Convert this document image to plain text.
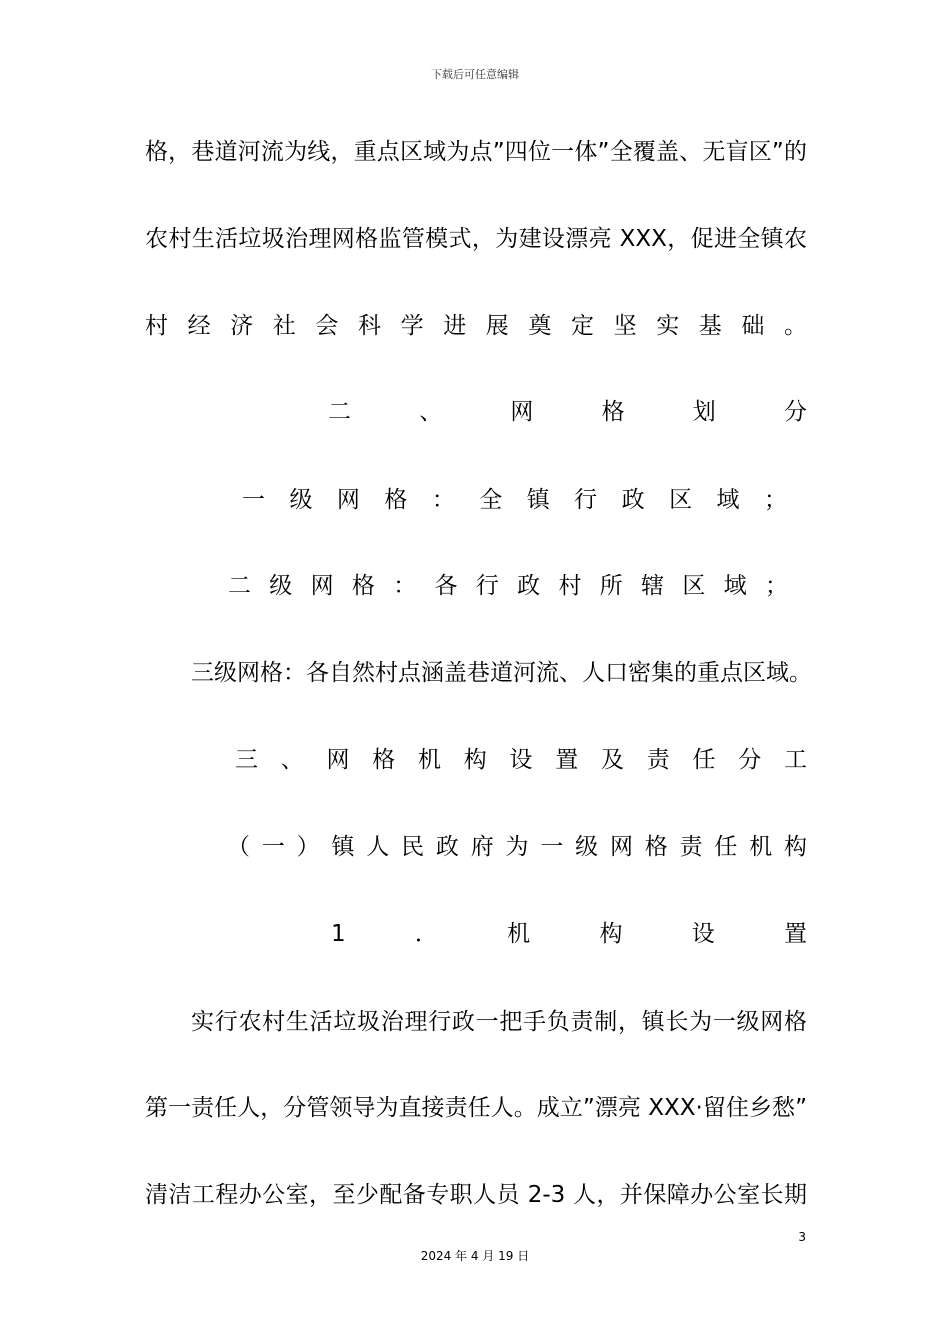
下载后可任意编辑
格，巷道河流为线，重点区域为点”四位一体”全覆盖、无盲区”的
农村生活垃圾治理网格监管模式，为建设漂亮 XXX，促进全镇农
村经济社会科学进展奠定坚实基础。
二、网格划分
一级网格：全镇行政区域；
二级网格：各行政村所辖区域；
三级网格：各自然村点涵盖巷道河流、人口密集的重点区域。
三、网格机构设置及责任分工
（一）镇人民政府为一级网格责任机构
1．机构设置
实行农村生活垃圾治理行政一把手负责制，镇长为一级网格
第一责任人，分管领导为直接责任人。成立”漂亮 XXX·留住乡愁”
清洁工程办公室，至少配备专职人员 2-3 人，并保障办公室长期
3
2024 年 4 月 19 日
